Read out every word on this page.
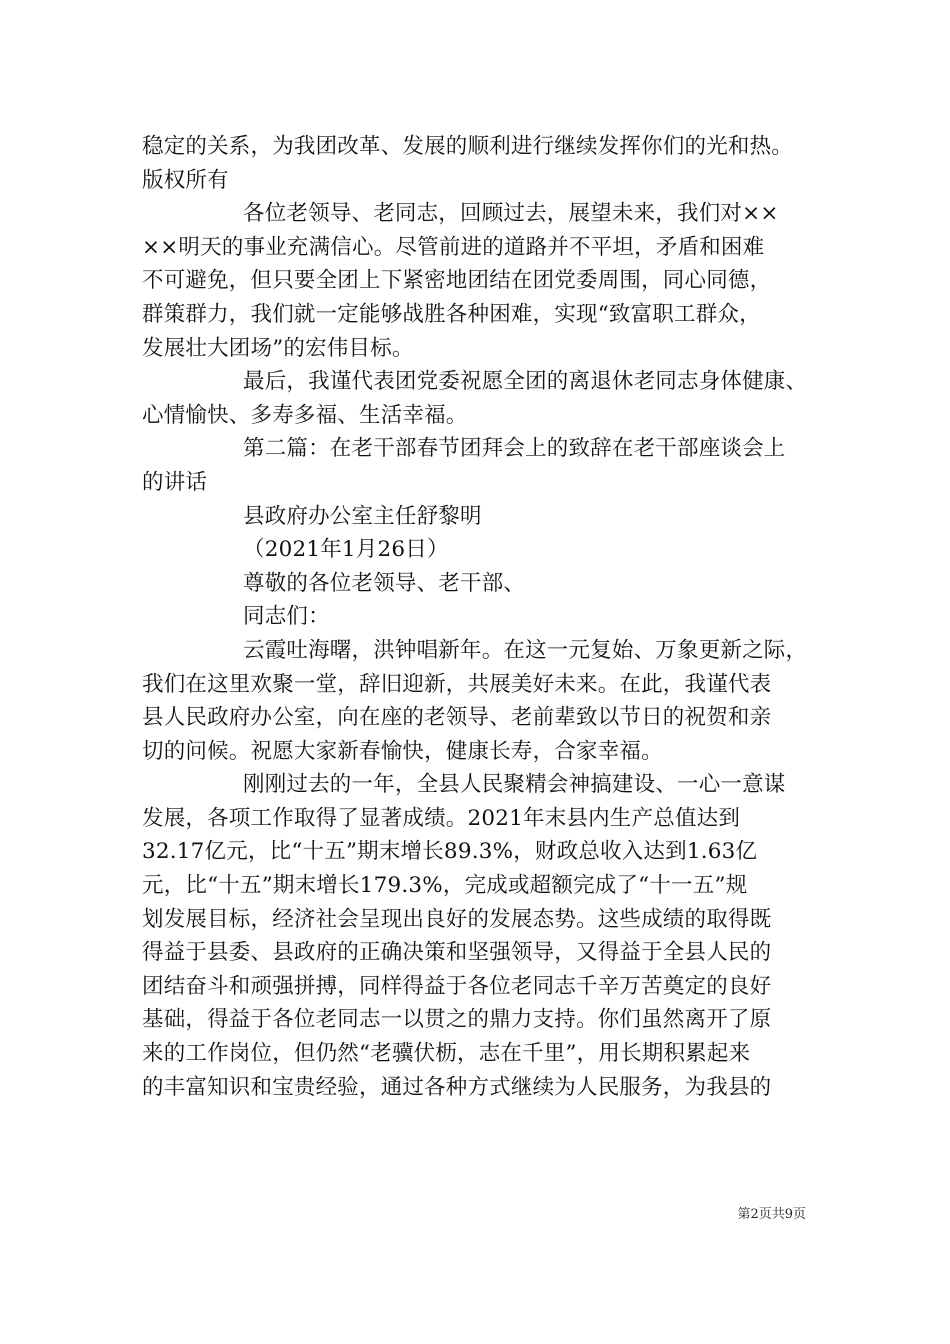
稳定的关系，为我团改革、发展的顺利进行继续发挥你们的光和热。
版权所有
各位老领导、老同志，回顾过去，展望未来，我们对××
××明天的事业充满信心。尽管前进的道路并不平坦，矛盾和困难
不可避免，但只要全团上下紧密地团结在团党委周围，同心同德，
群策群力，我们就一定能够战胜各种困难，实现“致富职工群众，
发展壮大团场”的宏伟目标。
最后，我谨代表团党委祝愿全团的离退休老同志身体健康、
心情愉快、多寿多福、生活幸福。
第二篇：在老干部春节团拜会上的致辞在老干部座谈会上
的讲话
县政府办公室主任舒黎明
（2021年1月26日）
尊敬的各位老领导、老干部、
同志们：
云霞吐海曙，洪钟唱新年。在这一元复始、万象更新之际，
我们在这里欢聚一堂，辞旧迎新，共展美好未来。在此，我谨代表
县人民政府办公室，向在座的老领导、老前辈致以节日的祝贺和亲
切的问候。祝愿大家新春愉快，健康长寿，合家幸福。
刚刚过去的一年，全县人民聚精会神搞建设、一心一意谋
发展，各项工作取得了显著成绩。2021年末县内生产总值达到
32.17亿元，比“十五”期末增长89.3%，财政总收入达到1.63亿
元，比“十五”期末增长179.3%，完成或超额完成了“十一五”规
划发展目标，经济社会呈现出良好的发展态势。这些成绩的取得既
得益于县委、县政府的正确决策和坚强领导，又得益于全县人民的
团结奋斗和顽强拼搏，同样得益于各位老同志千辛万苦奠定的良好
基础，得益于各位老同志一以贯之的鼎力支持。你们虽然离开了原
来的工作岗位，但仍然“老骥伏枥，志在千里”，用长期积累起来
的丰富知识和宝贵经验，通过各种方式继续为人民服务，为我县的
第2页共9页
